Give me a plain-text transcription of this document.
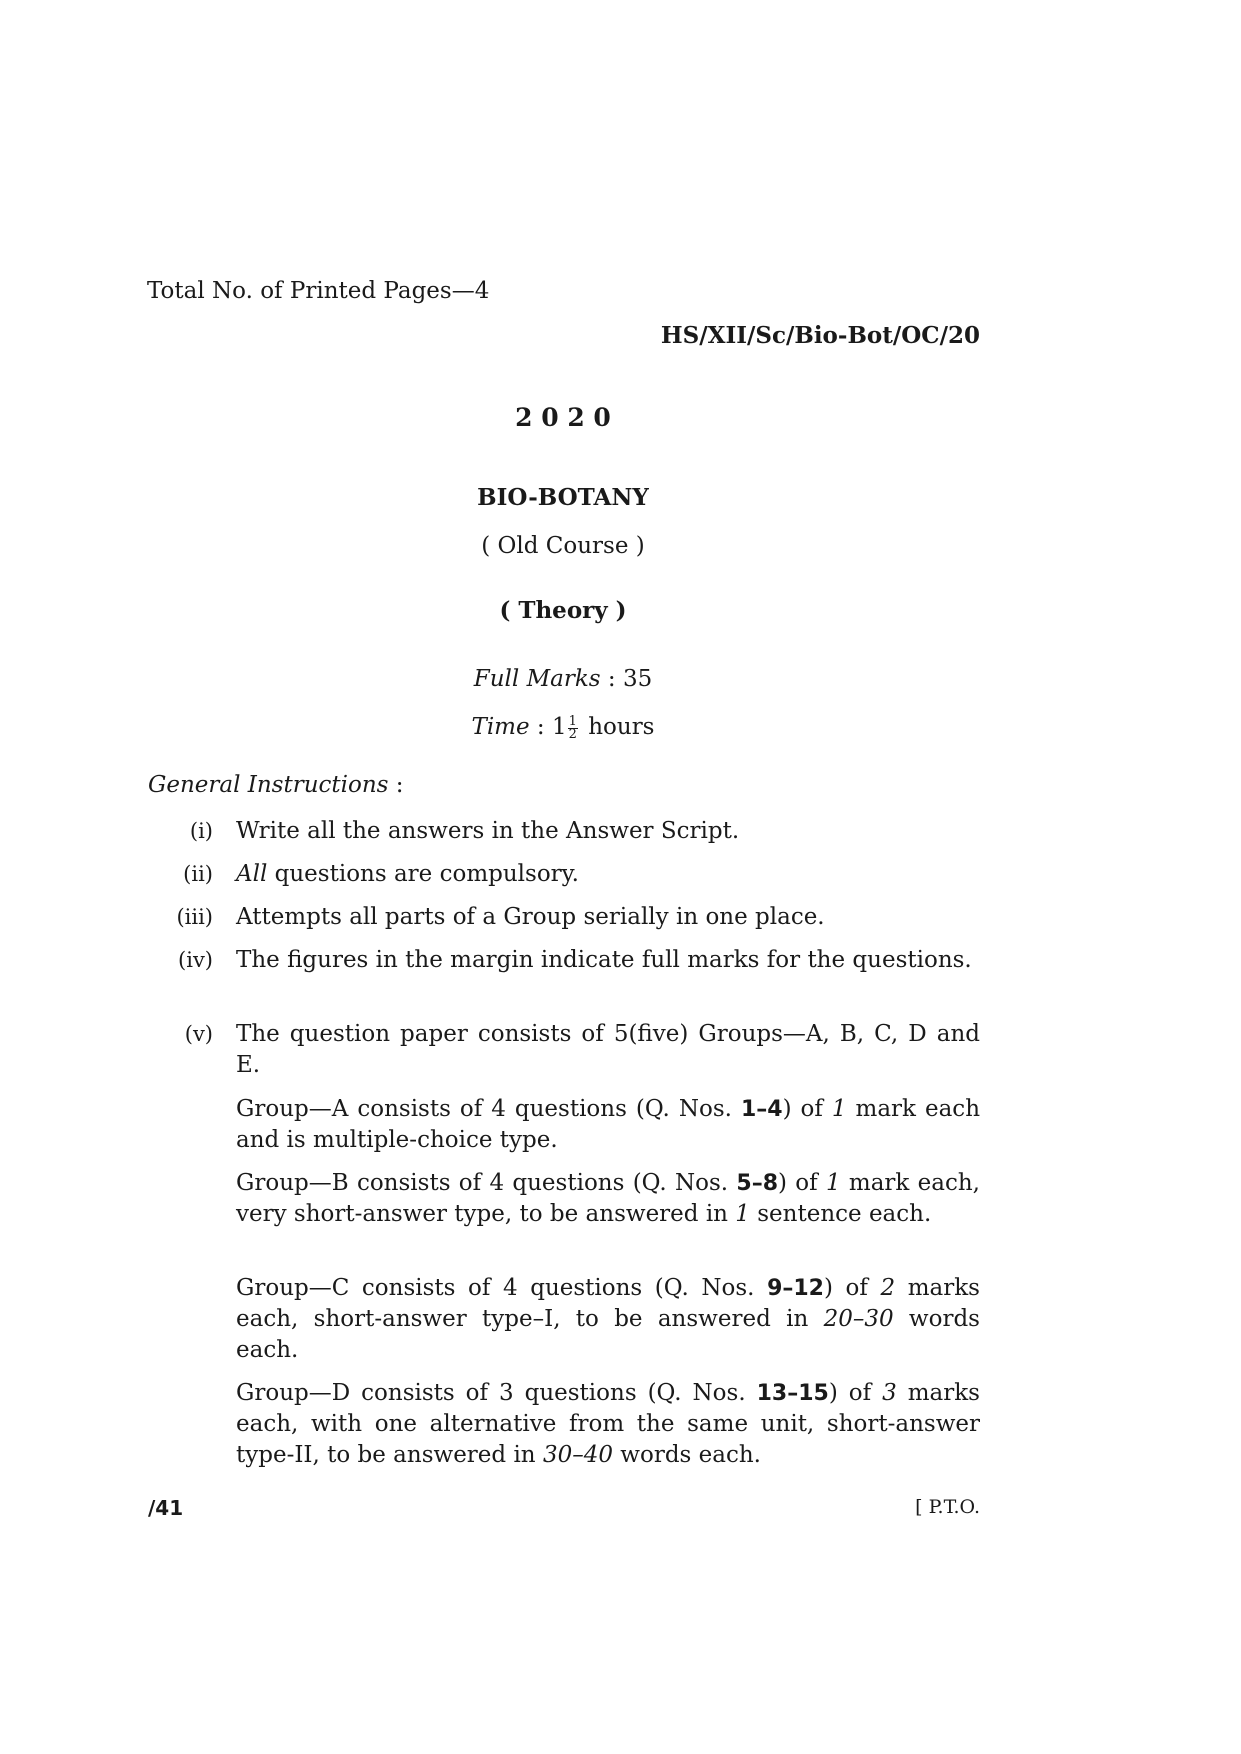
Total No. of Printed Pages—4
HS/XII/Sc/Bio-Bot/OC/20
2 0 2 0
BIO-BOTANY
( Old Course )
( Theory )
Full Marks : 35
Time : $1 \frac{1}{2}$ hours
General Instructions :
(i) Write all the answers in the Answer Script.
(ii) All questions are compulsory.
(iii) Attempts all parts of a Group serially in one place.
(iv) The figures in the margin indicate full marks for the questions.
(v) The question paper consists of 5(five) Groups—A, B, C, D and E.
Group—A consists of 4 questions (Q. Nos. 1–4) of 1 mark each and is multiple-choice type.
Group—B consists of 4 questions (Q. Nos. 5–8) of 1 mark each, very short-answer type, to be answered in 1 sentence each.
Group—C consists of 4 questions (Q. Nos. 9–12) of 2 marks each, short-answer type–I, to be answered in 20–30 words each.
Group—D consists of 3 questions (Q. Nos. 13–15) of 3 marks each, with one alternative from the same unit, short-answer type-II, to be answered in 30–40 words each.
/41	[ P.T.O.
